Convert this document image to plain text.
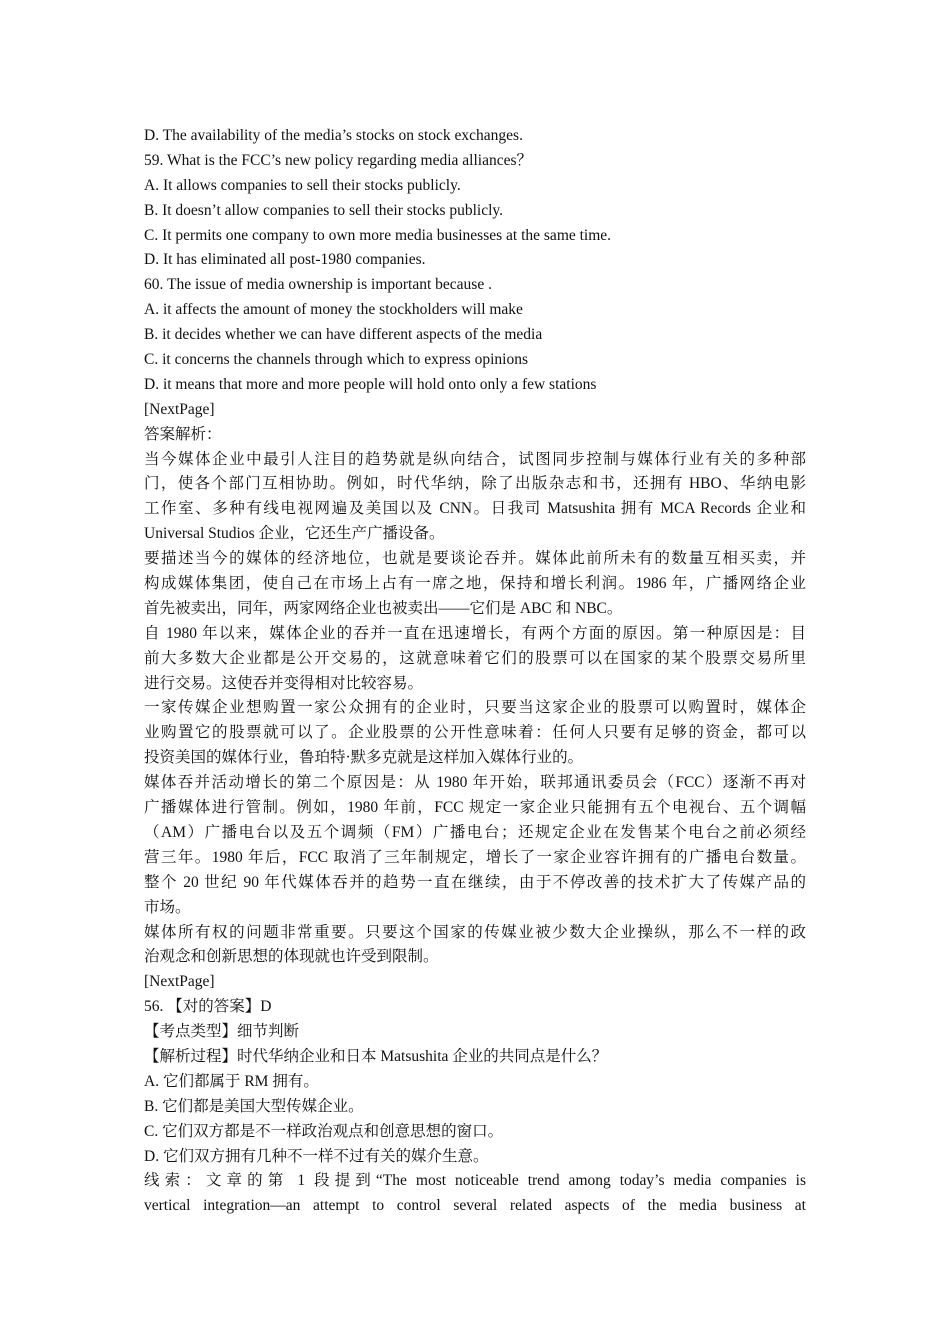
D. The availability of the media’s stocks on stock exchanges.
59. What is the FCC’s new policy regarding media alliances？
A. It allows companies to sell their stocks publicly.
B. It doesn’t allow companies to sell their stocks publicly.
C. It permits one company to own more media businesses at the same time.
D. It has eliminated all post-1980 companies.
60. The issue of media ownership is important because .
A. it affects the amount of money the stockholders will make
B. it decides whether we can have different aspects of the media
C. it concerns the channels through which to express opinions
D. it means that more and more people will hold onto only a few stations
[NextPage]
答案解析：
当今媒体企业中最引人注目的趋势就是纵向结合，试图同步控制与媒体行业有关的多种部
门，使各个部门互相协助。例如，时代华纳，除了出版杂志和书，还拥有 HBO、华纳电影
工作室、多种有线电视网遍及美国以及 CNN。日我司 Matsushita 拥有 MCA Records 企业和
Universal Studios 企业，它还生产广播设备。
要描述当今的媒体的经济地位，也就是要谈论吞并。媒体此前所未有的数量互相买卖，并
构成媒体集团，使自己在市场上占有一席之地，保持和增长利润。1986 年，广播网络企业
首先被卖出，同年，两家网络企业也被卖出——它们是 ABC 和 NBC。
自 1980 年以来，媒体企业的吞并一直在迅速增长，有两个方面的原因。第一种原因是：目
前大多数大企业都是公开交易的，这就意味着它们的股票可以在国家的某个股票交易所里
进行交易。这使吞并变得相对比较容易。
一家传媒企业想购置一家公众拥有的企业时，只要当这家企业的股票可以购置时，媒体企
业购置它的股票就可以了。企业股票的公开性意味着：任何人只要有足够的资金，都可以
投资美国的媒体行业，鲁珀特·默多克就是这样加入媒体行业的。
媒体吞并活动增长的第二个原因是：从 1980 年开始，联邦通讯委员会（FCC）逐渐不再对
广播媒体进行管制。例如，1980 年前，FCC 规定一家企业只能拥有五个电视台、五个调幅
（AM）广播电台以及五个调频（FM）广播电台；还规定企业在发售某个电台之前必须经
营三年。1980 年后，FCC 取消了三年制规定，增长了一家企业容许拥有的广播电台数量。
整个 20 世纪 90 年代媒体吞并的趋势一直在继续，由于不停改善的技术扩大了传媒产品的
市场。
媒体所有权的问题非常重要。只要这个国家的传媒业被少数大企业操纵，那么不一样的政
治观念和创新思想的体现就也许受到限制。
[NextPage]
56. 【对的答案】D
【考点类型】细节判断
【解析过程】时代华纳企业和日本 Matsushita 企业的共同点是什么？
A. 它们都属于 RM 拥有。
B. 它们都是美国大型传媒企业。
C. 它们双方都是不一样政治观点和创意思想的窗口。
D. 它们双方拥有几种不一样不过有关的媒介生意。
线索：文章的第 1 段提到“The most noticeable trend among today’s media companies is
vertical integration—an attempt to control several related aspects of the media business at
